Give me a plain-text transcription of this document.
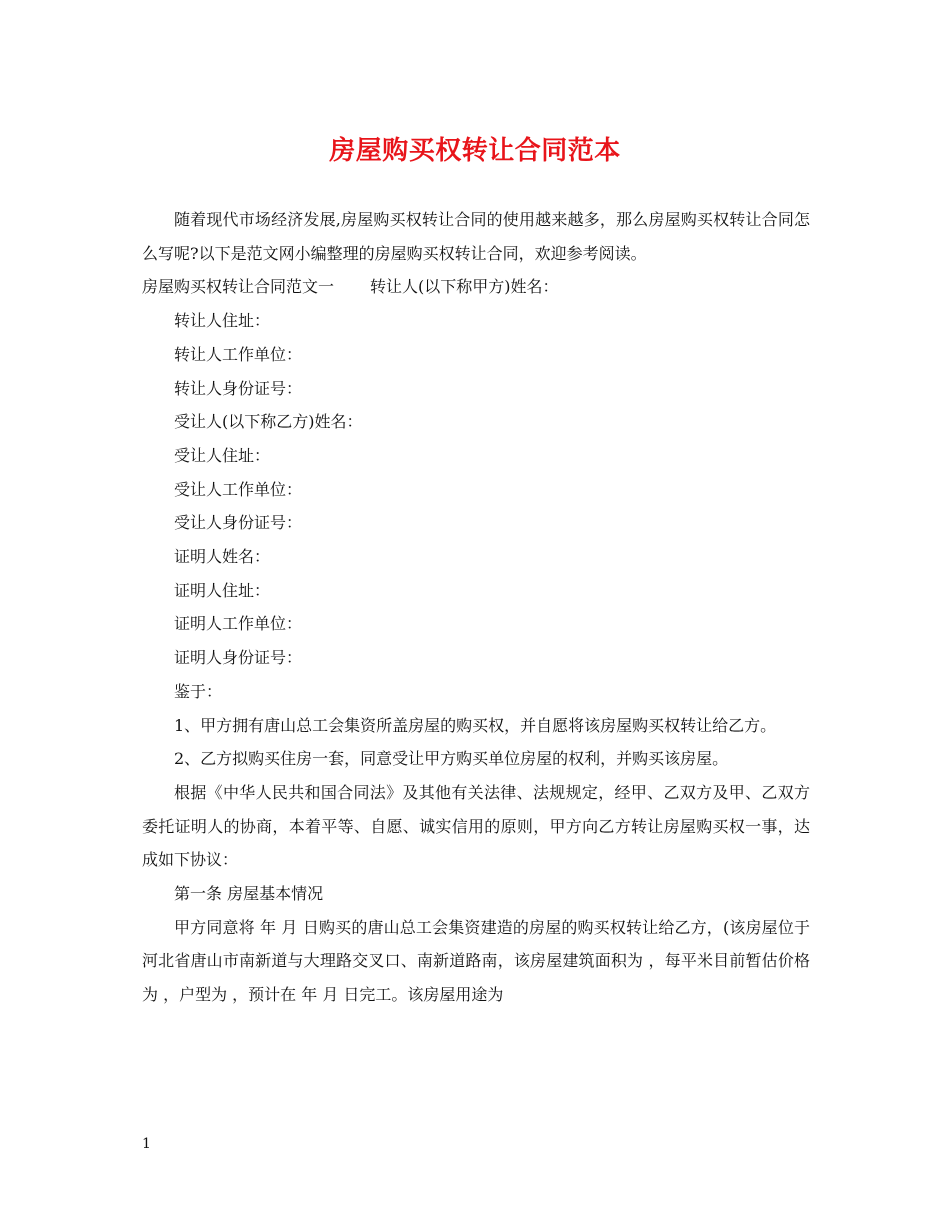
房屋购买权转让合同范本

随着现代市场经济发展,房屋购买权转让合同的使用越来越多，那么房屋购买权转让合同怎么写呢?以下是范文网小编整理的房屋购买权转让合同，欢迎参考阅读。

房屋购买权转让合同范文一 转让人(以下称甲方)姓名：

转让人住址：

转让人工作单位：

转让人身份证号：

受让人(以下称乙方)姓名：

受让人住址：

受让人工作单位：

受让人身份证号：

证明人姓名：

证明人住址：

证明人工作单位：

证明人身份证号：

鉴于：

1、甲方拥有唐山总工会集资所盖房屋的购买权，并自愿将该房屋购买权转让给乙方。

2、乙方拟购买住房一套，同意受让甲方购买单位房屋的权利，并购买该房屋。

根据《中华人民共和国合同法》及其他有关法律、法规规定，经甲、乙双方及甲、乙双方委托证明人的协商，本着平等、自愿、诚实信用的原则，甲方向乙方转让房屋购买权一事，达成如下协议：

第一条 房屋基本情况

甲方同意将 年 月 日购买的唐山总工会集资建造的房屋的购买权转让给乙方，(该房屋位于河北省唐山市南新道与大理路交叉口、南新道路南，该房屋建筑面积为 ，每平米目前暂估价格为 ，户型为 ，预计在 年 月 日完工。该房屋用途为

1
